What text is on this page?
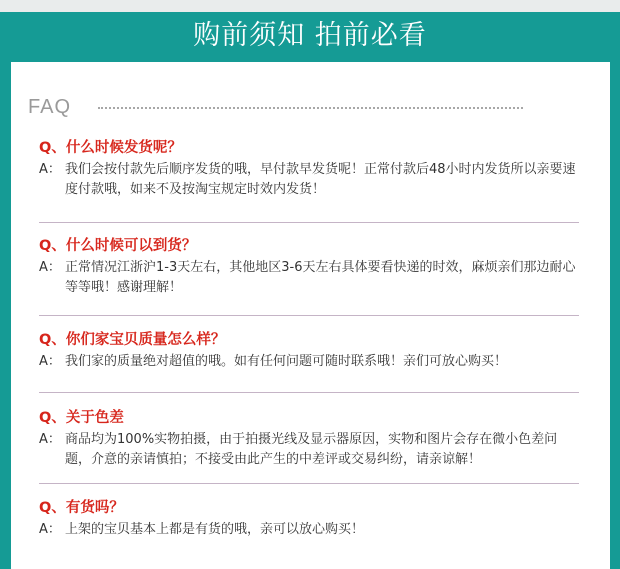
购前须知 拍前必看
FAQ
Q、什么时候发货呢？
A： 我们会按付款先后顺序发货的哦，早付款早发货呢！正常付款后48小时内发货所以亲要速度付款哦，如来不及按淘宝规定时效内发货！
Q、什么时候可以到货？
A： 正常情况江浙沪1-3天左右，其他地区3-6天左右具体要看快递的时效，麻烦亲们那边耐心等等哦！感谢理解！
Q、你们家宝贝质量怎么样？
A： 我们家的质量绝对超值的哦。如有任何问题可随时联系哦！亲们可放心购买！
Q、关于色差
A： 商品均为100%实物拍摄，由于拍摄光线及显示器原因，实物和图片会存在微小色差问题，介意的亲请慎拍；不接受由此产生的中差评或交易纠纷，请亲谅解！
Q、有货吗？
A： 上架的宝贝基本上都是有货的哦，亲可以放心购买！
